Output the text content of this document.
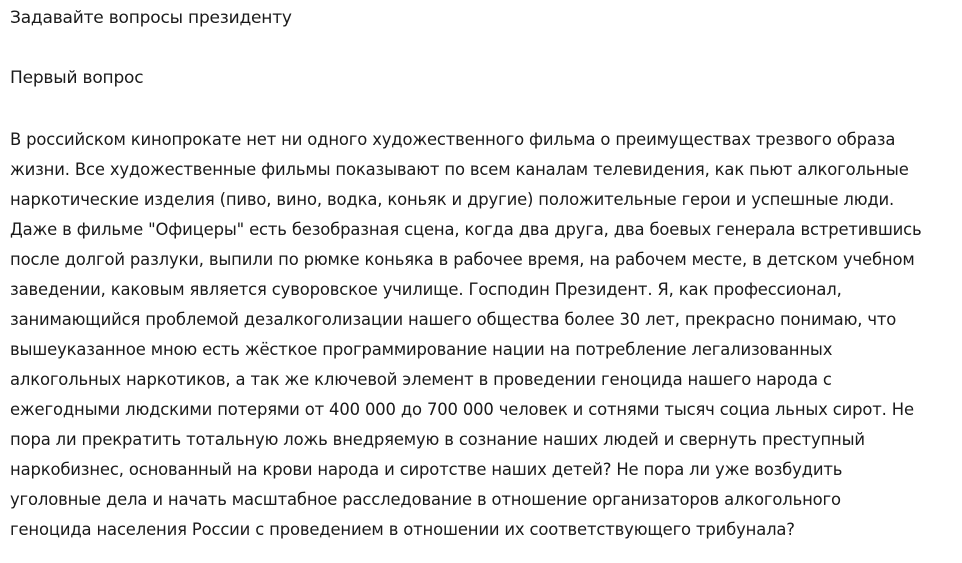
Задавайте вопросы президенту
Первый вопрос

В российском кинопрокате нет ни одного художественного фильма о преимуществах трезвого образа
жизни. Все художественные фильмы показывают по всем каналам телевидения, как пьют алкогольные
наркотические изделия (пиво, вино, водка, коньяк и другие) положительные герои и успешные люди.
Даже в фильме "Офицеры" есть безобразная сцена, когда два друга, два боевых генерала встретившись
после долгой разлуки, выпили по рюмке коньяка в рабочее время, на рабочем месте, в детском учебном
заведении, каковым является суворовское училище. Господин Президент. Я, как профессионал,
занимающийся проблемой дезалкоголизации нашего общества более 30 лет, прекрасно понимаю, что
вышеуказанное мною есть жёсткое программирование нации на потребление легализованных
алкогольных наркотиков, а так же ключевой элемент в проведении геноцида нашего народа с
ежегодными людскими потерями от 400 000 до 700 000 человек и сотнями тысяч социа льных сирот. Не
пора ли прекратить тотальную ложь внедряемую в сознание наших людей и свернуть преступный
наркобизнес, основанный на крови народа и сиротстве наших детей? Не пора ли уже возбудить
уголовные дела и начать масштабное расследование в отношение организаторов алкогольного
геноцида населения России с проведением в отношении их соответствующего трибунала?
